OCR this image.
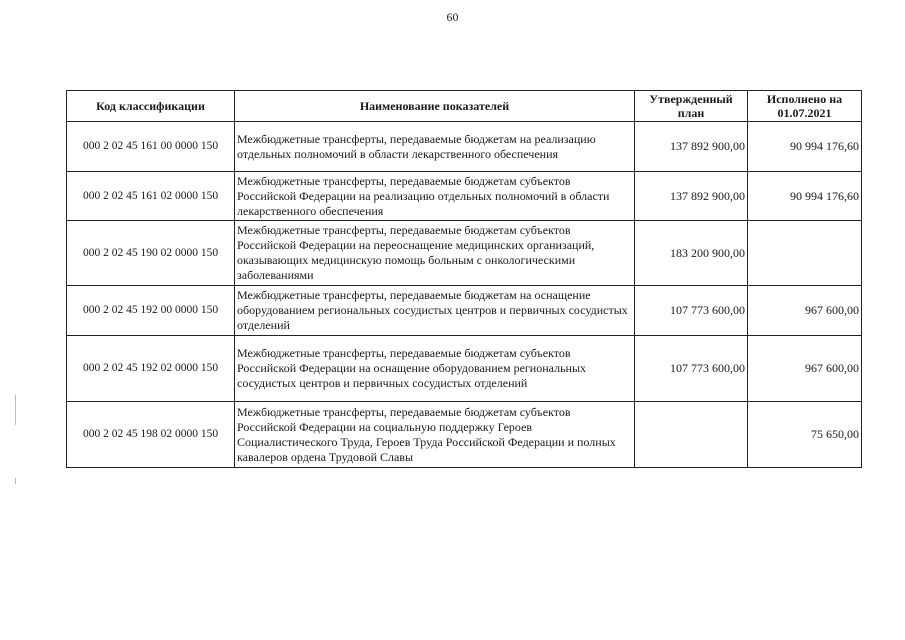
60
Код классификации	Наименование показателей	Утвержденный план	Исполнено на 01.07.2021
000 2 02 45 161 00 0000 150	Межбюджетные трансферты, передаваемые бюджетам на реализацию отдельных полномочий в области лекарственного обеспечения	137 892 900,00	90 994 176,60
000 2 02 45 161 02 0000 150	Межбюджетные трансферты, передаваемые бюджетам субъектов Российской Федерации на реализацию отдельных полномочий в области лекарственного обеспечения	137 892 900,00	90 994 176,60
000 2 02 45 190 02 0000 150	Межбюджетные трансферты, передаваемые бюджетам субъектов Российской Федерации на переоснащение медицинских организаций, оказывающих медицинскую помощь больным с онкологическими заболеваниями	183 200 900,00	
000 2 02 45 192 00 0000 150	Межбюджетные трансферты, передаваемые бюджетам на оснащение оборудованием региональных сосудистых центров и первичных сосудистых отделений	107 773 600,00	967 600,00
000 2 02 45 192 02 0000 150	Межбюджетные трансферты, передаваемые бюджетам субъектов Российской Федерации на оснащение оборудованием региональных сосудистых центров и первичных сосудистых отделений	107 773 600,00	967 600,00
000 2 02 45 198 02 0000 150	Межбюджетные трансферты, передаваемые бюджетам субъектов Российской Федерации на социальную поддержку Героев Социалистического Труда, Героев Труда Российской Федерации и полных кавалеров ордена Трудовой Славы		75 650,00
